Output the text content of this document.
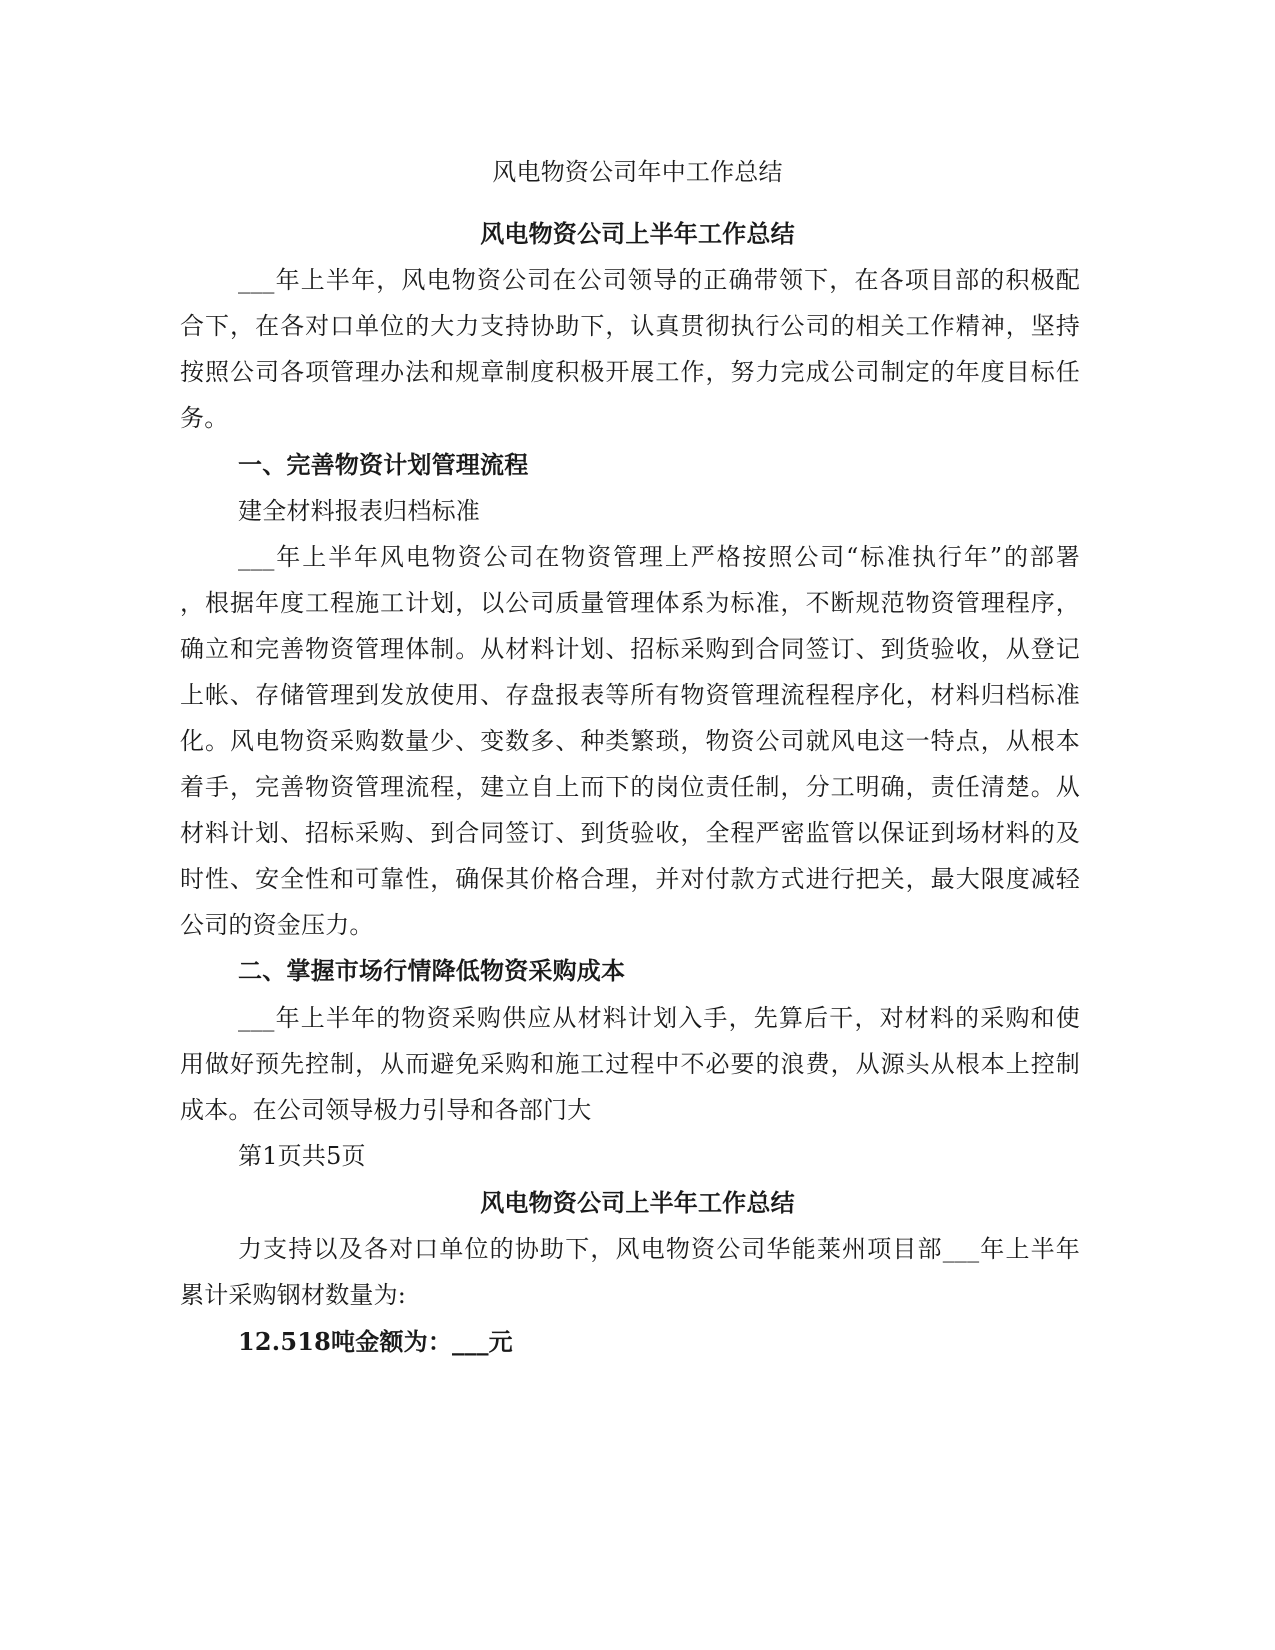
风电物资公司年中工作总结
风电物资公司上半年工作总结
___年上半年，风电物资公司在公司领导的正确带领下，在各项目部的积极配
合下，在各对口单位的大力支持协助下，认真贯彻执行公司的相关工作精神，坚持
按照公司各项管理办法和规章制度积极开展工作，努力完成公司制定的年度目标任
务。
一、完善物资计划管理流程
建全材料报表归档标准
___年上半年风电物资公司在物资管理上严格按照公司“标准执行年”的部署
，根据年度工程施工计划，以公司质量管理体系为标准，不断规范物资管理程序，
确立和完善物资管理体制。从材料计划、招标采购到合同签订、到货验收，从登记
上帐、存储管理到发放使用、存盘报表等所有物资管理流程程序化，材料归档标准
化。风电物资采购数量少、变数多、种类繁琐，物资公司就风电这一特点，从根本
着手，完善物资管理流程，建立自上而下的岗位责任制，分工明确，责任清楚。从
材料计划、招标采购、到合同签订、到货验收，全程严密监管以保证到场材料的及
时性、安全性和可靠性，确保其价格合理，并对付款方式进行把关，最大限度减轻
公司的资金压力。
二、掌握市场行情降低物资采购成本
___年上半年的物资采购供应从材料计划入手，先算后干，对材料的采购和使
用做好预先控制，从而避免采购和施工过程中不必要的浪费，从源头从根本上控制
成本。在公司领导极力引导和各部门大
第1页共5页
风电物资公司上半年工作总结
力支持以及各对口单位的协助下，风电物资公司华能莱州项目部___年上半年
累计采购钢材数量为:
12.518吨金额为：___元
